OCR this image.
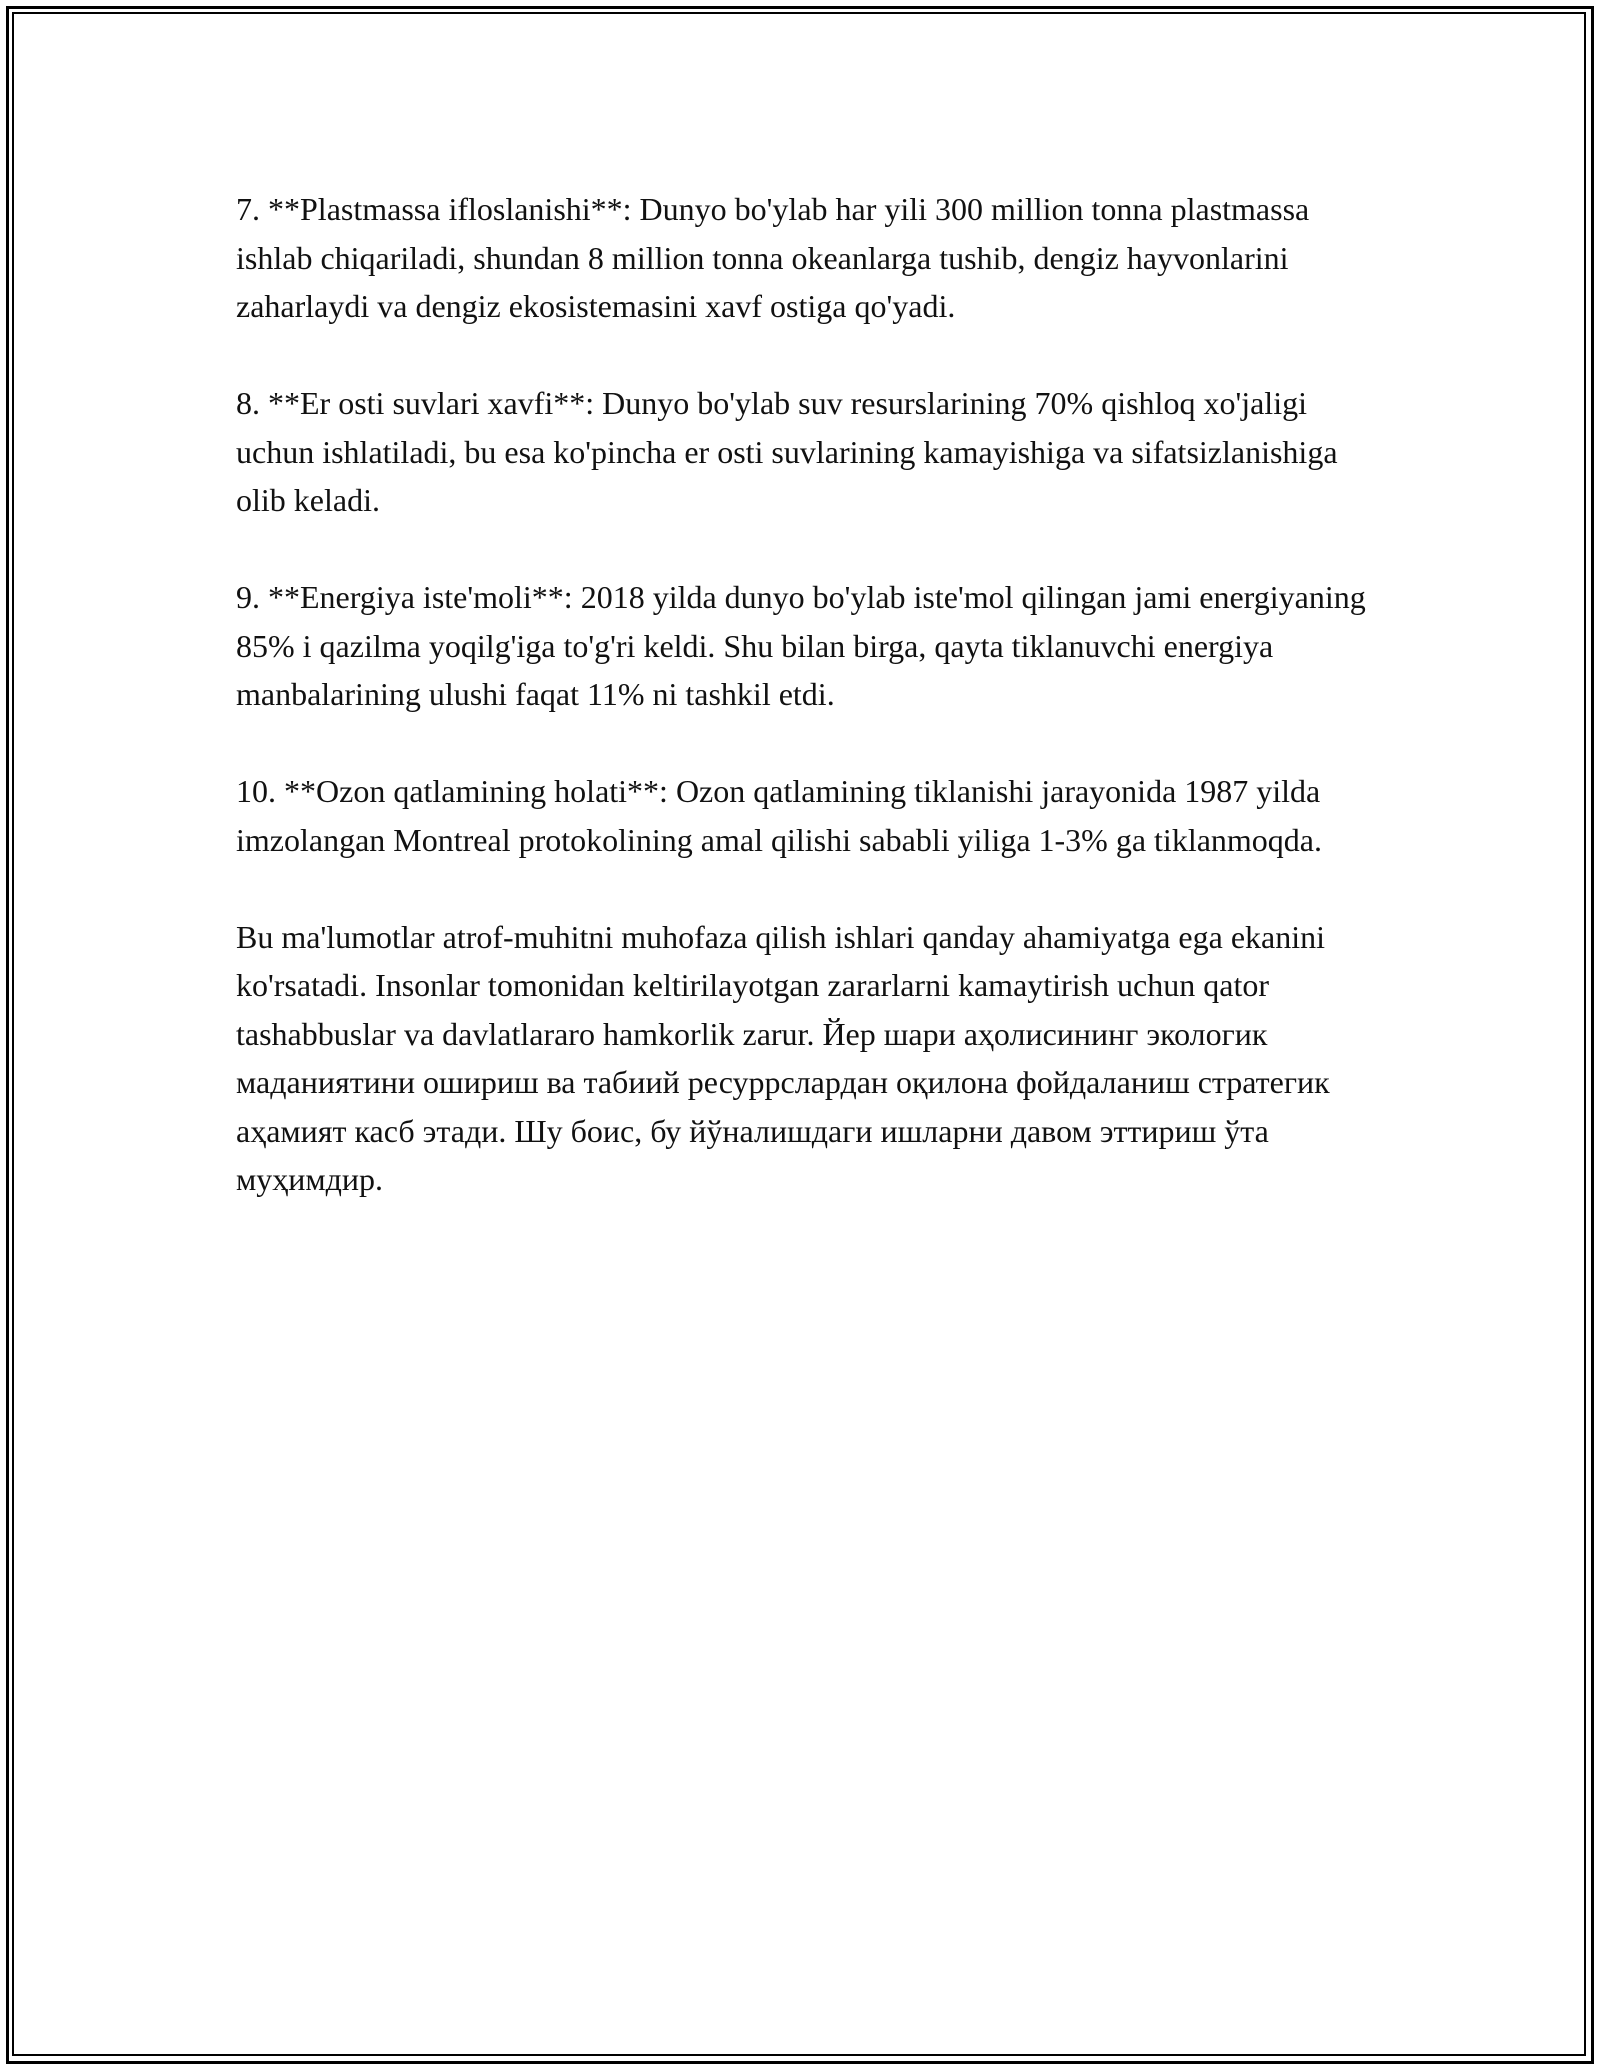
7. **Plastmassa ifloslanishi**: Dunyo bo'ylab har yili 300 million tonna plastmassa ishlab chiqariladi, shundan 8 million tonna okeanlarga tushib, dengiz hayvonlarini zaharlaydi va dengiz ekosistemasini xavf ostiga qo'yadi.

8. **Er osti suvlari xavfi**: Dunyo bo'ylab suv resurslarining 70% qishloq xo'jaligi uchun ishlatiladi, bu esa ko'pincha er osti suvlarining kamayishiga va sifatsizlanishiga olib keladi.

9. **Energiya iste'moli**: 2018 yilda dunyo bo'ylab iste'mol qilingan jami energiyaning 85% i qazilma yoqilg'iga to'g'ri keldi. Shu bilan birga, qayta tiklanuvchi energiya manbalarining ulushi faqat 11% ni tashkil etdi.

10. **Ozon qatlamining holati**: Ozon qatlamining tiklanishi jarayonida 1987 yilda imzolangan Montreal protokolining amal qilishi sababli yiliga 1-3% ga tiklanmoqda.

Bu ma'lumotlar atrof-muhitni muhofaza qilish ishlari qanday ahamiyatga ega ekanini ko'rsatadi. Insonlar tomonidan keltirilayotgan zararlarni kamaytirish uchun qator tashabbuslar va davlatlararo hamkorlik zarur. Йер шари аҳолисининг экологик маданиятини ошириш ва табиий ресуррслардан оқилона фойдаланиш стратегик аҳамият касб этади. Шу боис, бу йўналишдаги ишларни давом эттириш ўта муҳимдир.
